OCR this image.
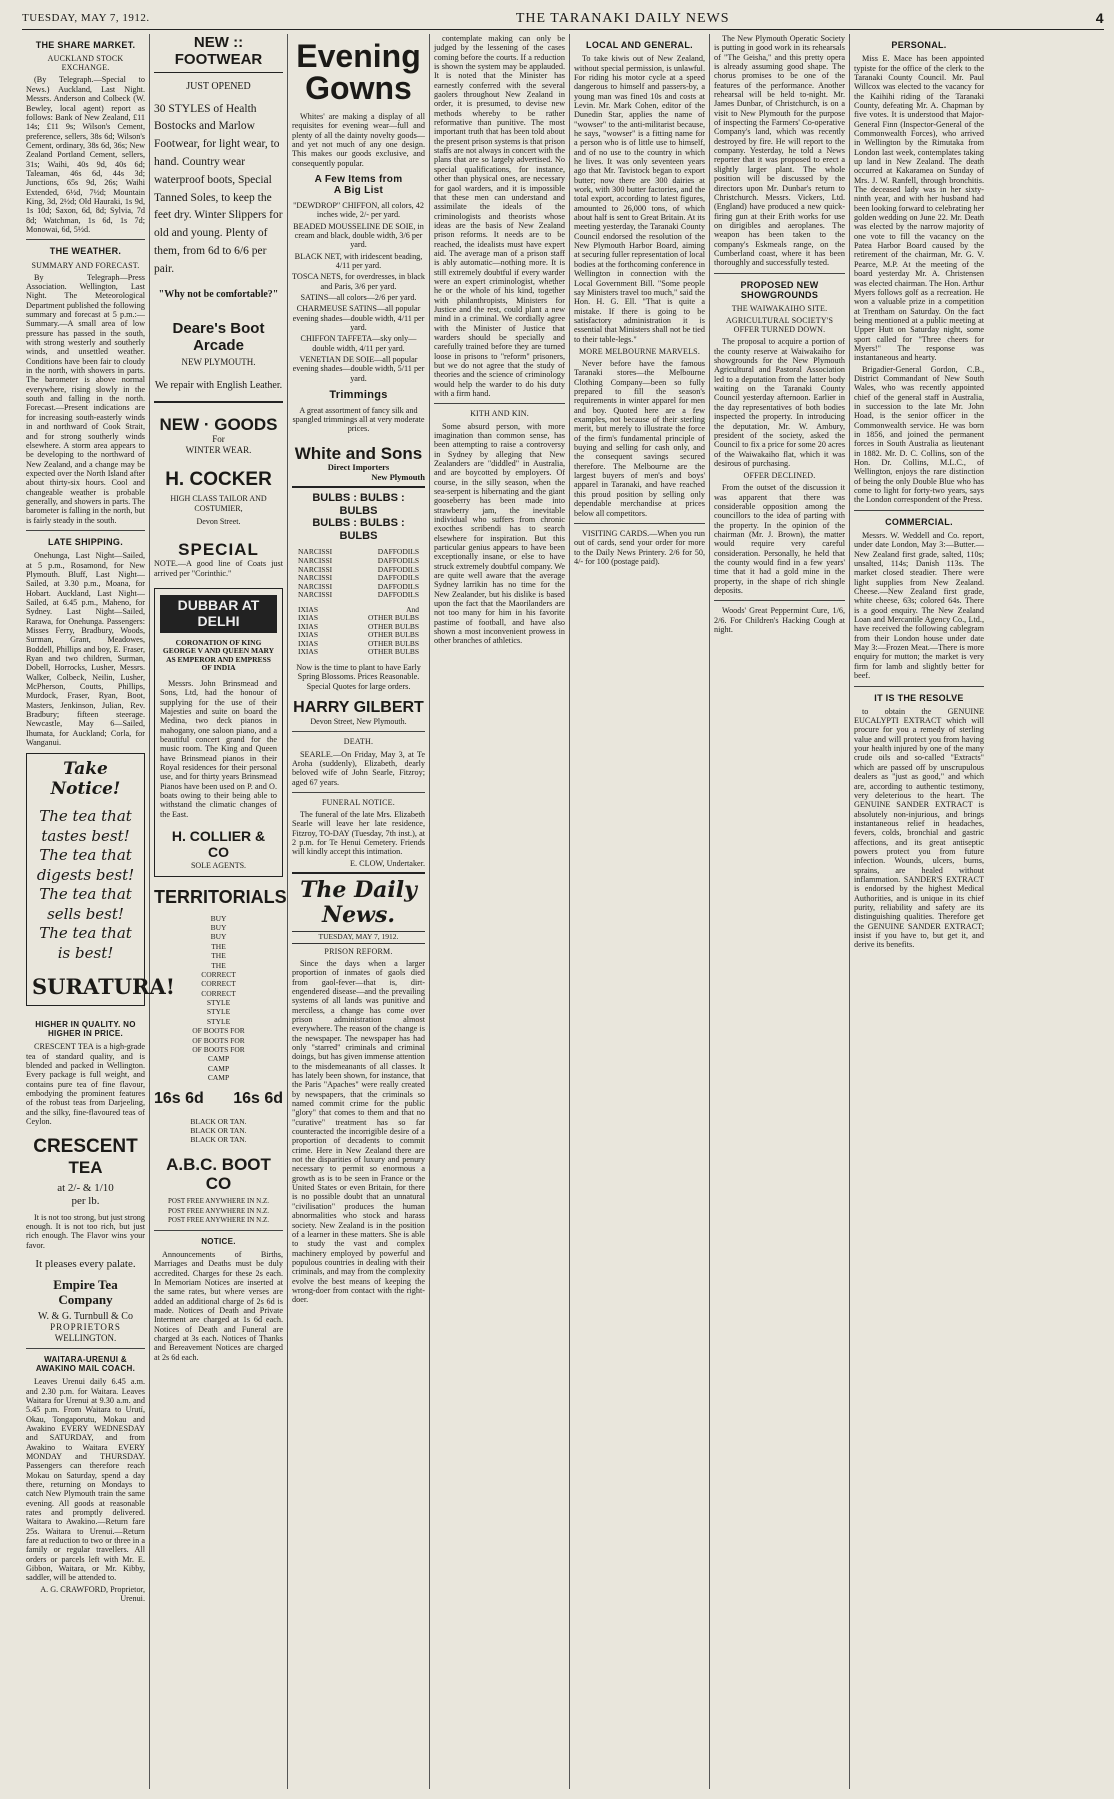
TUESDAY, MAY 7, 1912.	THE TARANAKI DAILY NEWS	4
THE SHARE MARKET.
AUCKLAND STOCK EXCHANGE.

(By Telegraph.—Special to News.) Auckland, Last Night. Messrs. Anderson and Colbeck (W. Bewley, local agent) report as follows: Bank of New Zealand, £11 14s; £11 9s; Wilson's Cement, preference, sellers, 38s 6d; Wilson's Cement, ordinary, 38s 6d, 36s; New Zealand Portland Cement, sellers, 31s; Waihi, 40s 9d, 40s 6d; Taleaman, 46s 6d, 44s 3d; Junctions, 65s 9d, 26s; Waihi Extended, 6½d, 7½d; Mountain King, 3d, 2½d; Old Hauraki, 1s 9d, 1s 10d; Saxon, 6d, 8d; Sylvia, 7d 8d; Watchman, 1s 6d, 1s 7d; Monowai, 6d, 5½d.

THE WEATHER.
SUMMARY AND FORECAST.

By Telegraph—Press Association. Wellington, Last Night. The Meteorological Department published the following summary and forecast at 5 p.m.:—Summary.—A small area of low pressure has passed in the south, with strong westerly and southerly winds, and unsettled weather. Conditions have been fair to cloudy in the north, with showers in parts. The barometer is above normal everywhere, rising slowly in the south and falling in the north. Forecast.—Present indications are for increasing south-easterly winds in and northward of Cook Strait, and for strong southerly winds elsewhere. A storm area appears to be developing to the northward of New Zealand, and a change may be expected over the North Island after about thirty-six hours. Cool and changeable weather is probable generally, and showers in parts. The barometer is falling in the north, but is fairly steady in the south.

LATE SHIPPING.

Onehunga, Last Night—Sailed, at 5 p.m., Rosamond, for New Plymouth. Bluff, Last Night—Sailed, at 3.30 p.m., Moana, for Hobart. Auckland, Last Night—Sailed, at 6.45 p.m., Maheno, for Sydney. Last Night—Sailed, Rarawa, for Onehunga. Passengers: Misses Ferry, Bradbury, Woods, Surman, Grant, Meadowes, Boddell, Phillips and boy, E. Fraser, Ryan and two children, Surman, Dobell, Horrocks, Lusher, Messrs. Walker, Colbeck, Neilin, Lusher, McPherson, Coutts, Phillips, Murdock, Fraser, Ryan, Boot, Masters, Jenkinson, Julian, Rev. Bradbury; fifteen steerage. Newcastle, May 6—Sailed, Ihumata, for Auckland; Corla, for Wanganui.

Take Notice!
The tea that
tastes best!
The tea that
digests best!
The tea that
sells best!
The tea that
is best!
SURATURA!
HIGHER IN QUALITY. NO HIGHER IN PRICE.

CRESCENT TEA is a high-grade tea of standard quality, and is blended and packed in Wellington. Every package is full weight, and contains pure tea of fine flavour, embodying the prominent features of the robust teas from Darjeeling, and the silky, fine-flavoured teas of Ceylon.

CRESCENT
TEA
at 2/- & 1/10
per lb.

It is not too strong, but just strong enough. It is not too rich, but just rich enough. The Flavor wins your favor.

It pleases every palate.
Empire Tea Company
W. & G. Turnbull & Co
PROPRIETORS
WELLINGTON.
WAITARA-URENUI & AWAKINO MAIL COACH.

Leaves Urenui daily 6.45 a.m. and 2.30 p.m. for Waitara. Leaves Waitara for Urenui at 9.30 a.m. and 5.45 p.m. From Waitara to Urutí, Okau, Tongaporutu, Mokau and Awakino EVERY WEDNESDAY and SATURDAY, and from Awakino to Waitara EVERY MONDAY and THURSDAY. Passengers can therefore reach Mokau on Saturday, spend a day there, returning on Mondays to catch New Plymouth train the same evening. All goods at reasonable rates and promptly delivered. Waitara to Awakino.—Return fare 25s. Waitara to Urenui.—Return fare at reduction to two or three in a family or regular travellers. All orders or parcels left with Mr. E. Gibbon, Waitara, or Mr. Kibby, saddler, will be attended to.

A. G. CRAWFORD, Proprietor, Urenui.
NEW :: FOOTWEAR
JUST OPENED

30 STYLES of Health Bostocks and Marlow Footwear, for light wear, to hand. Country wear waterproof boots, Special Tanned Soles, to keep the feet dry. Winter Slippers for old and young. Plenty of them, from 6d to 6/6 per pair.

"Why not be comfortable?"
Deare's Boot Arcade
NEW PLYMOUTH.
We repair with English Leather.
NEW · GOODS
For
WINTER WEAR.
H. COCKER
HIGH CLASS TAILOR AND COSTUMIER,
Devon Street.
SPECIAL

NOTE.—A good line of Coats just arrived per "Corinthic."

DUBBAR AT DELHI
CORONATION OF KING GEORGE V AND QUEEN MARY AS EMPEROR AND EMPRESS OF INDIA

Messrs. John Brinsmead and Sons, Ltd, had the honour of supplying for the use of their Majesties and suite on board the Medina, two deck pianos in mahogany, one saloon piano, and a beautiful concert grand for the music room. The King and Queen have Brinsmead pianos in their Royal residences for their personal use, and for thirty years Brinsmead Pianos have been used on P. and O. boats owing to their being able to withstand the climatic changes of the East.

H. COLLIER & CO
SOLE AGENTS.
TERRITORIALS
BUY
BUY
BUY
THE
THE
THE
CORRECT
CORRECT
CORRECT
STYLE
STYLE
STYLE
OF BOOTS FOR
OF BOOTS FOR
OF BOOTS FOR
CAMP
CAMP
CAMP
16s 6d 16s 6d
BLACK OR TAN.
BLACK OR TAN.
BLACK OR TAN.
A.B.C. BOOT CO
POST FREE ANYWHERE IN N.Z.
POST FREE ANYWHERE IN N.Z.
POST FREE ANYWHERE IN N.Z.
NOTICE.

Announcements of Births, Marriages and Deaths must be duly accredited. Charges for these 2s each. In Memoriam Notices are inserted at the same rates, but where verses are added an additional charge of 2s 6d is made. Notices of Death and Private Interment are charged at 1s 6d each. Notices of Death and Funeral are charged at 3s each. Notices of Thanks and Bereavement Notices are charged at 2s 6d each.

Evening Gowns

Whites' are making a display of all requisites for evening wear—full and plenty of all the dainty novelty goods—and yet not much of any one design. This makes our goods exclusive, and consequently popular.

A Few Items from
A Big List

"DEWDROP" CHIFFON, all colors, 42 inches wide, 2/- per yard.

BEADED MOUSSELINE DE SOIE, in cream and black, double width, 3/6 per yard.

BLACK NET, with iridescent beading, 4/11 per yard.

TOSCA NETS, for overdresses, in black and Paris, 3/6 per yard.

SATINS—all colors—2/6 per yard.

CHARMEUSE SATINS—all popular evening shades—double width, 4/11 per yard.

CHIFFON TAFFETA—sky only—double width, 4/11 per yard.

VENETIAN DE SOIE—all popular evening shades—double width, 5/11 per yard.

Trimmings

A great assortment of fancy silk and spangled trimmings all at very moderate prices.

White and Sons
Direct Importers
New Plymouth
BULBS : BULBS : BULBS
BULBS : BULBS : BULBS
NARCISSI	DAFFODILS
NARCISSI	DAFFODILS
NARCISSI	DAFFODILS
NARCISSI	DAFFODILS
NARCISSI	DAFFODILS
NARCISSI	DAFFODILS
IXIAS	And
IXIAS	OTHER BULBS
IXIAS	OTHER BULBS
IXIAS	OTHER BULBS
IXIAS	OTHER BULBS
IXIAS	OTHER BULBS

Now is the time to plant to have Early Spring Blossoms. Prices Reasonable. Special Quotes for large orders.

HARRY GILBERT
Devon Street, New Plymouth.
DEATH.

SEARLE.—On Friday, May 3, at Te Aroha (suddenly), Elizabeth, dearly beloved wife of John Searle, Fitzroy; aged 67 years.

FUNERAL NOTICE.

The funeral of the late Mrs. Elizabeth Searle will leave her late residence, Fitzroy, TO-DAY (Tuesday, 7th inst.), at 2 p.m. for Te Henui Cemetery. Friends will kindly accept this intimation.

E. CLOW, Undertaker.
The Daily News.
TUESDAY, MAY 7, 1912.
PRISON REFORM.

Since the days when a larger proportion of inmates of gaols died from gaol-fever—that is, dirt-engendered disease—and the prevailing systems of all lands was punitive and merciless, a change has come over prison administration almost everywhere. The reason of the change is the newspaper. The newspaper has had only "starred" criminals and criminal doings, but has given immense attention to the misdemeanants of all classes. It has lately been shown, for instance, that the Paris "Apaches" were really created by newspapers, that the criminals so named commit crime for the public "glory" that comes to them and that no "curative" treatment has so far counteracted the incorrigible desire of a proportion of decadents to commit crime. Here in New Zealand there are not the disparities of luxury and penury necessary to permit so enormous a growth as is to be seen in France or the United States or even Britain, for there is no possible doubt that an unnatural "civilisation" produces the human abnormalities who stock and harass society. New Zealand is in the position of a learner in these matters. She is able to study the vast and complex machinery employed by powerful and populous countries in dealing with their criminals, and may from the complexity evolve the best means of keeping the wrong-doer from contact with the right-doer.

contemplate making can only be judged by the lessening of the cases coming before the courts. If a reduction is shown the system may be applauded. It is noted that the Minister has earnestly conferred with the several gaolers throughout New Zealand in order, it is presumed, to devise new methods whereby to be rather reformative than punitive. The most important truth that has been told about the present prison systems is that prison staffs are not always in concert with the plans that are so largely advertised. No special qualifications, for instance, other than physical ones, are necessary for gaol warders, and it is impossible that these men can understand and assimilate the ideals of the criminologists and theorists whose ideas are the basis of New Zealand prison reforms. It needs are to be reached, the idealists must have expert aid. The average man of a prison staff is ably automatic—nothing more. It is still extremely doubtful if every warder were an expert criminologist, whether he or the whole of his kind, together with philanthropists, Ministers for Justice and the rest, could plant a new mind in a criminal. We cordially agree with the Minister of Justice that warders should be specially and carefully trained before they are turned loose in prisons to "reform" prisoners, but we do not agree that the study of theories and the science of criminology would help the warder to do his duty with a firm hand.

KITH AND KIN.

Some absurd person, with more imagination than common sense, has been attempting to raise a controversy in Sydney by alleging that New Zealanders are "diddled" in Australia, and are boycotted by employers. Of course, in the silly season, when the sea-serpent is hibernating and the giant gooseberry has been made into strawberry jam, the inevitable individual who suffers from chronic exocthes scribendi has to search elsewhere for inspiration. But this particular genius appears to have been exceptionally insane, or else to have struck extremely doubtful company. We are quite well aware that the average Sydney larrikin has no time for the New Zealander, but his dislike is based upon the fact that the Maorilanders are not too many for him in his favorite pastime of football, and have also shown a most inconvenient prowess in other branches of athletics.

LOCAL AND GENERAL.

To take kiwis out of New Zealand, without special permission, is unlawful. For riding his motor cycle at a speed dangerous to himself and passers-by, a young man was fined 10s and costs at Levin. Mr. Mark Cohen, editor of the Dunedin Star, applies the name of "wowser" to the anti-militarist because, he says, "wowser" is a fitting name for a person who is of little use to himself, and of no use to the country in which he lives. It was only seventeen years ago that Mr. Tavistock began to export butter; now there are 300 dairies at work, with 300 butter factories, and the total export, according to latest figures, amounted to 26,000 tons, of which about half is sent to Great Britain. At its meeting yesterday, the Taranaki County Council endorsed the resolution of the New Plymouth Harbor Board, aiming at securing fuller representation of local bodies at the forthcoming conference in Wellington in connection with the Local Government Bill. "Some people say Ministers travel too much," said the Hon. H. G. Ell. "That is quite a mistake. If there is going to be satisfactory administration it is essential that Ministers shall not be tied to their table-legs."

MORE MELBOURNE MARVELS.

Never before have the famous Taranaki stores—the Melbourne Clothing Company—been so fully prepared to fill the season's requirements in winter apparel for men and boy. Quoted here are a few examples, not because of their sterling merit, but merely to illustrate the force of the firm's fundamental principle of buying and selling for cash only, and the consequent savings secured therefore. The Melbourne are the largest buyers of men's and boys' apparel in Taranaki, and have reached this proud position by selling only dependable merchandise at prices below all competitors.

VISITING CARDS.—When you run out of cards, send your order for more to the Daily News Printery. 2/6 for 50, 4/- for 100 (postage paid).

The New Plymouth Operatic Society is putting in good work in its rehearsals of "The Geisha," and this pretty opera is already assuming good shape. The chorus promises to be one of the features of the performance. Another rehearsal will be held to-night. Mr. James Dunbar, of Christchurch, is on a visit to New Plymouth for the purpose of inspecting the Farmers' Co-operative Company's land, which was recently destroyed by fire. He will report to the company. Yesterday, he told a News reporter that it was proposed to erect a slightly larger plant. The whole position will be discussed by the directors upon Mr. Dunbar's return to Christchurch. Messrs. Vickers, Ltd. (England) have produced a new quick-firing gun at their Erith works for use on dirigibles and aeroplanes. The weapon has been taken to the company's Eskmeals range, on the Cumberland coast, where it has been thoroughly and successfully tested.

PROPOSED NEW SHOWGROUNDS
THE WAIWAKAIHO SITE.
AGRICULTURAL SOCIETY'S OFFER TURNED DOWN.

The proposal to acquire a portion of the county reserve at Waiwakaiho for showgrounds for the New Plymouth Agricultural and Pastoral Association led to a deputation from the latter body waiting on the Taranaki County Council yesterday afternoon. Earlier in the day representatives of both bodies inspected the property. In introducing the deputation, Mr. W. Ambury, president of the society, asked the Council to fix a price for some 20 acres of the Waiwakaiho flat, which it was desirous of purchasing.

OFFER DECLINED.

From the outset of the discussion it was apparent that there was considerable opposition among the councillors to the idea of parting with the property. In the opinion of the chairman (Mr. J. Brown), the matter would require very careful consideration. Personally, he held that the county would find in a few years' time that it had a gold mine in the property, in the shape of rich shingle deposits.

Woods' Great Peppermint Cure, 1/6, 2/6. For Children's Hacking Cough at night.

PERSONAL.

Miss E. Mace has been appointed typiste for the office of the clerk to the Taranaki County Council. Mr. Paul Willcox was elected to the vacancy for the Kaihihi riding of the Taranaki County, defeating Mr. A. Chapman by five votes. It is understood that Major-General Finn (Inspector-General of the Commonwealth Forces), who arrived in Wellington by the Rimutaka from London last week, contemplates taking up land in New Zealand. The death occurred at Kakaramea on Sunday of Mrs. J. W. Ranfell, through bronchitis. The deceased lady was in her sixty-ninth year, and with her husband had been looking forward to celebrating her golden wedding on June 22. Mr. Death was elected by the narrow majority of one vote to fill the vacancy on the Patea Harbor Board caused by the retirement of the chairman, Mr. G. V. Pearce, M.P. At the meeting of the board yesterday Mr. A. Christensen was elected chairman. The Hon. Arthur Myers follows golf as a recreation. He won a valuable prize in a competition at Trentham on Saturday. On the fact being mentioned at a public meeting at Upper Hutt on Saturday night, some sport called for "Three cheers for Myers!" The response was instantaneous and hearty.

Brigadier-General Gordon, C.B., District Commandant of New South Wales, who was recently appointed chief of the general staff in Australia, in succession to the late Mr. John Hoad, is the senior officer in the Commonwealth service. He was born in 1856, and joined the permanent forces in South Australia as lieutenant in 1882. Mr. D. C. Collins, son of the Hon. Dr. Collins, M.L.C., of Wellington, enjoys the rare distinction of being the only Double Blue who has come to light for forty-two years, says the London correspondent of the Press.

COMMERCIAL.

Messrs. W. Weddell and Co. report, under date London, May 3:—Butter.—New Zealand first grade, salted, 110s; unsalted, 114s; Danish 113s. The market closed steadier. There were light supplies from New Zealand. Cheese.—New Zealand first grade, white cheese, 63s; colored 64s. There is a good enquiry. The New Zealand Loan and Mercantile Agency Co., Ltd., have received the following cablegram from their London house under date May 3:—Frozen Meat.—There is more enquiry for mutton; the market is very firm for lamb and slightly better for beef.

IT IS THE RESOLVE

to obtain the GENUINE EUCALYPTI EXTRACT which will procure for you a remedy of sterling value and will protect you from having your health injured by one of the many crude oils and so-called "Extracts" which are passed off by unscrupulous dealers as "just as good," and which are, according to authentic testimony, very deleterious to the heart. The GENUINE SANDER EXTRACT is absolutely non-injurious, and brings instantaneous relief in headaches, fevers, colds, bronchial and gastric affections, and its great antiseptic powers protect you from future infection. Wounds, ulcers, burns, sprains, are healed without inflammation. SANDER'S EXTRACT is endorsed by the highest Medical Authorities, and is unique in its chief purity, reliability and safety are its distinguishing qualities. Therefore get the GENUINE SANDER EXTRACT; insist if you have to, but get it, and derive its benefits.
